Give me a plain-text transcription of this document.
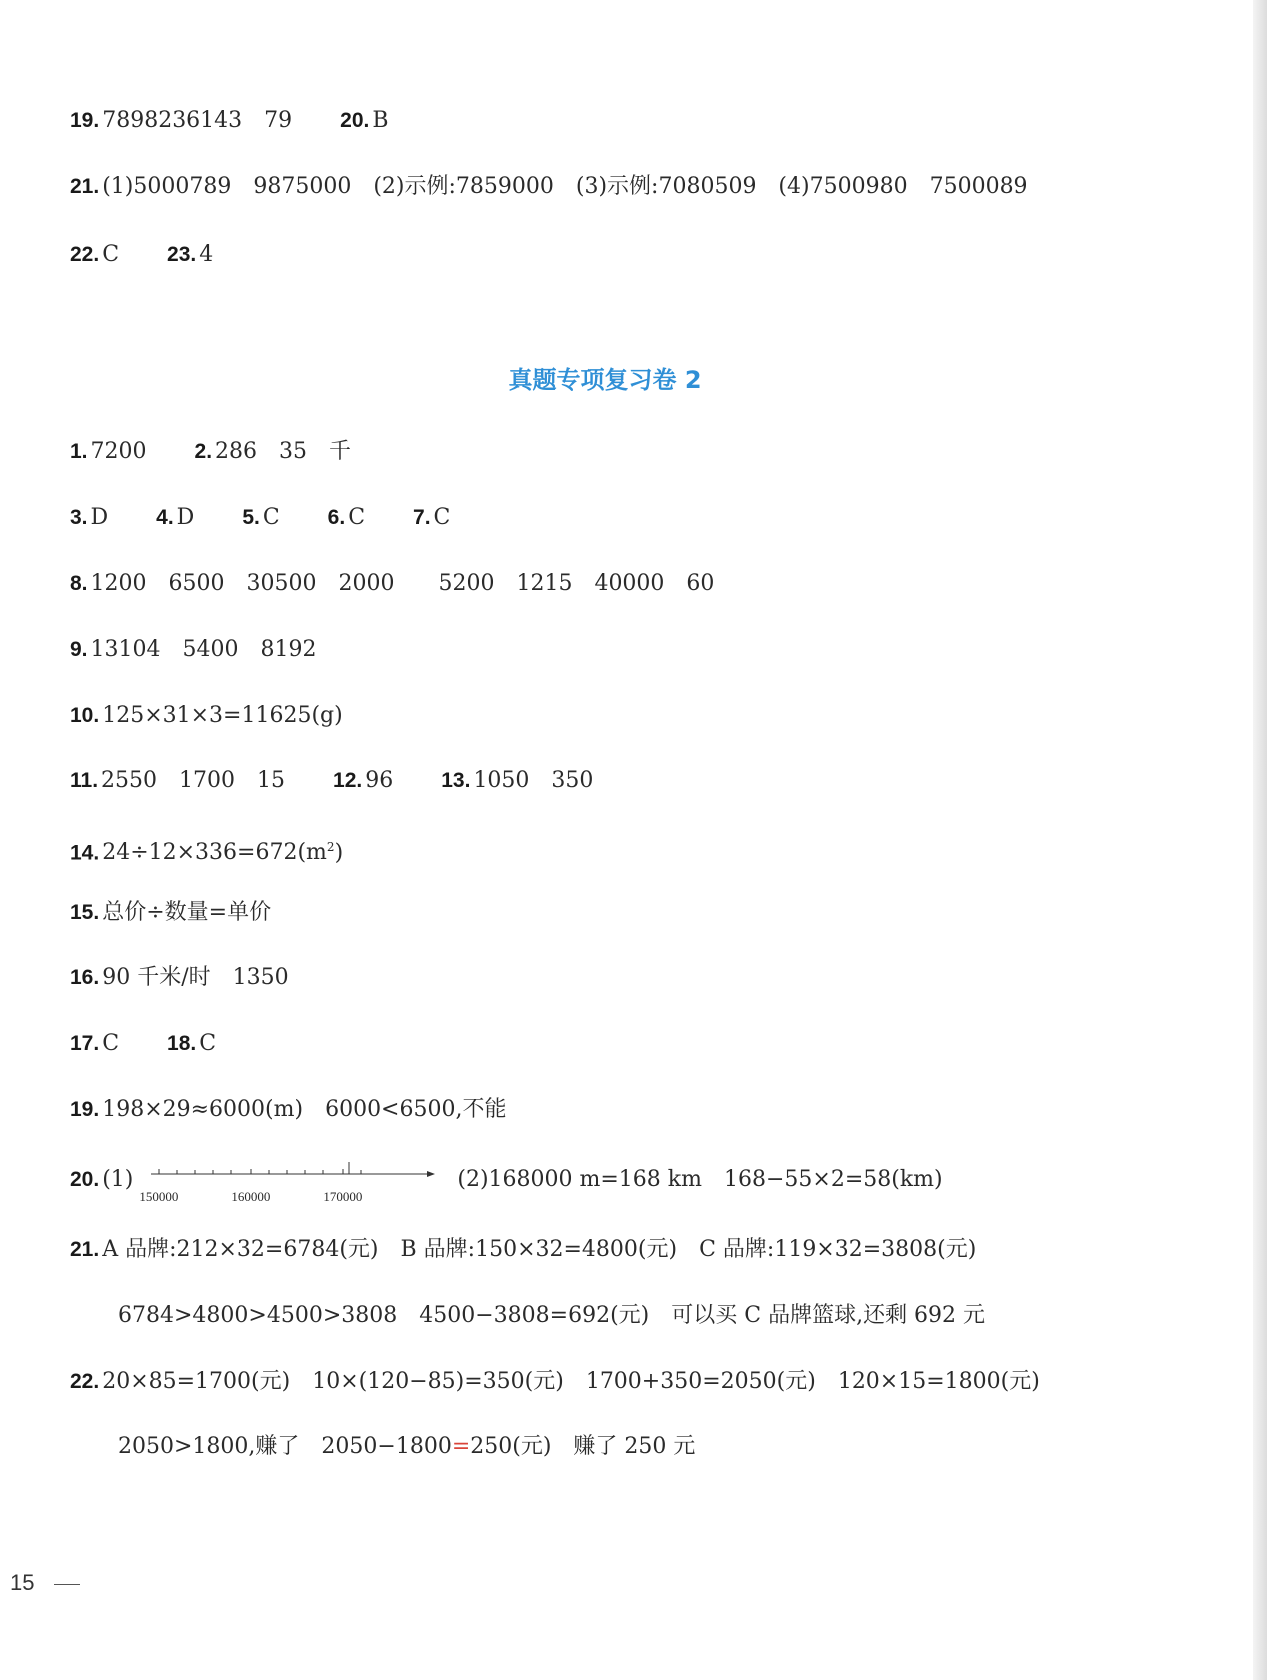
19. 7898236143　79 20. B
21. (1)5000789　9875000　(2)示例:7859000　(3)示例:7080509　(4)7500980　7500089
22. C 23. 4
真题专项复习卷 2
1. 7200 2. 286　35　千
3. D 4. D 5. C 6. C 7. C
8. 1200　6500　30500　2000　　5200　1215　40000　60
9. 13104　5400　8192
10. 125×31×3=11625(g)
11. 2550　1700　15 12. 96 13. 1050　350
14. $24\div 12\times 336=672(m^2)$
15. 总价÷数量=单价
16. 90 千米/时　1350
17. C 18. C
19. 198×29≈6000(m)　6000<6500,不能
20. (1)
150000	160000	170000
(2)168000 m=168 km　168−55×2=58(km)
21. A 品牌:212×32=6784(元)　B 品牌:150×32=4800(元)　C 品牌:119×32=3808(元)
6784>4800>4500>3808　4500−3808=692(元)　可以买 C 品牌篮球,还剩 692 元
22. 20×85=1700(元)　10×(120−85)=350(元)　1700+350=2050(元)　120×15=1800(元)
2050>1800,赚了　2050−1800=250(元)　赚了 250 元
15
